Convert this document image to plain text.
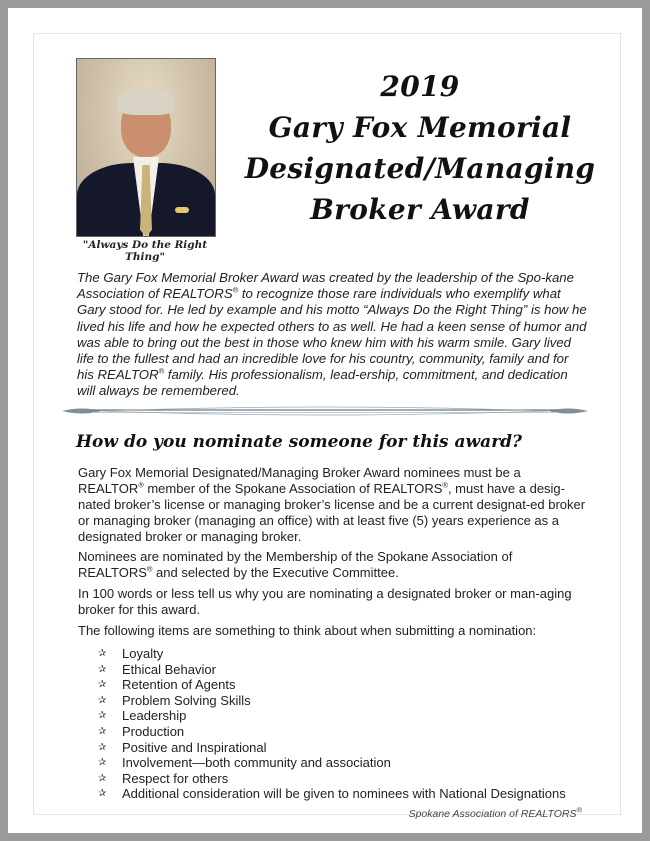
"Always Do the Right Thing"
2019
Gary Fox Memorial
Designated/Managing
Broker Award

The Gary Fox Memorial Broker Award was created by the leadership of the Spo-kane Association of REALTORS® to recognize those rare individuals who exemplify what Gary stood for. He led by example and his motto “Always Do the Right Thing” is how he lived his life and how he expected others to as well. He had a keen sense of humor and was able to bring out the best in those who knew him with his warm smile. Gary lived life to the fullest and had an incredible love for his country, community, family and for his REALTOR® family. His professionalism, lead-ership, commitment, and dedication will always be remembered.

How do you nominate someone for this award?

Gary Fox Memorial Designated/Managing Broker Award nominees must be a REALTOR® member of the Spokane Association of REALTORS®, must have a desig-nated broker’s license or managing broker’s license and be a current designat-ed broker or managing broker (managing an office) with at least five (5) years experience as a designated broker or managing broker.

Nominees are nominated by the Membership of the Spokane Association of REALTORS® and selected by the Executive Committee.

In 100 words or less tell us why you are nominating a designated broker or man-aging broker for this award.

The following items are something to think about when submitting a nomination:

✰	Loyalty
✰	Ethical Behavior
✰	Retention of Agents
✰	Problem Solving Skills
✰	Leadership
✰	Production
✰	Positive and Inspirational
✰	Involvement—both community and association
✰	Respect for others
✰	Additional consideration will be given to nominees with National Designations
Spokane Association of REALTORS®
